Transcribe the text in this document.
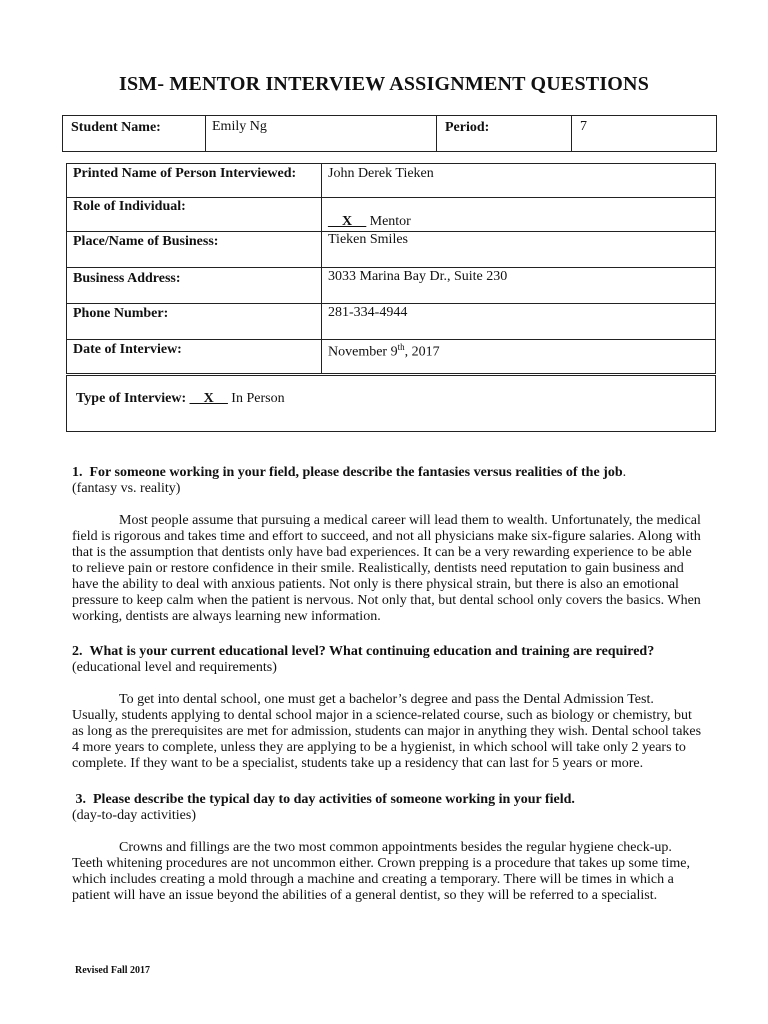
ISM- MENTOR INTERVIEW ASSIGNMENT QUESTIONS
Student Name:	Emily Ng	Period:	7
Printed Name of Person Interviewed:	John Derek Tieken
Role of Individual:	__X__ Mentor
Place/Name of Business:	Tieken Smiles
Business Address:	3033 Marina Bay Dr., Suite 230
Phone Number:	281-334-4944
Date of Interview:	November 9th, 2017
Type of Interview: __X__ In Person
1. For someone working in your field, please describe the fantasies versus realities of the job.
(fantasy vs. reality)
Most people assume that pursuing a medical career will lead them to wealth. Unfortunately, the medical field is rigorous and takes time and effort to succeed, and not all physicians make six-figure salaries. Along with that is the assumption that dentists only have bad experiences. It can be a very rewarding experience to be able to relieve pain or restore confidence in their smile. Realistically, dentists need reputation to gain business and have the ability to deal with anxious patients. Not only is there physical strain, but there is also an emotional pressure to keep calm when the patient is nervous. Not only that, but dental school only covers the basics. When working, dentists are always learning new information.
2. What is your current educational level? What continuing education and training are required?
(educational level and requirements)
To get into dental school, one must get a bachelor’s degree and pass the Dental Admission Test. Usually, students applying to dental school major in a science-related course, such as biology or chemistry, but as long as the prerequisites are met for admission, students can major in anything they wish. Dental school takes 4 more years to complete, unless they are applying to be a hygienist, in which school will take only 2 years to complete. If they want to be a specialist, students take up a residency that can last for 5 years or more.
3. Please describe the typical day to day activities of someone working in your field.
(day-to-day activities)
Crowns and fillings are the two most common appointments besides the regular hygiene check-up. Teeth whitening procedures are not uncommon either. Crown prepping is a procedure that takes up some time, which includes creating a mold through a machine and creating a temporary. There will be times in which a patient will have an issue beyond the abilities of a general dentist, so they will be referred to a specialist.
Revised Fall 2017
